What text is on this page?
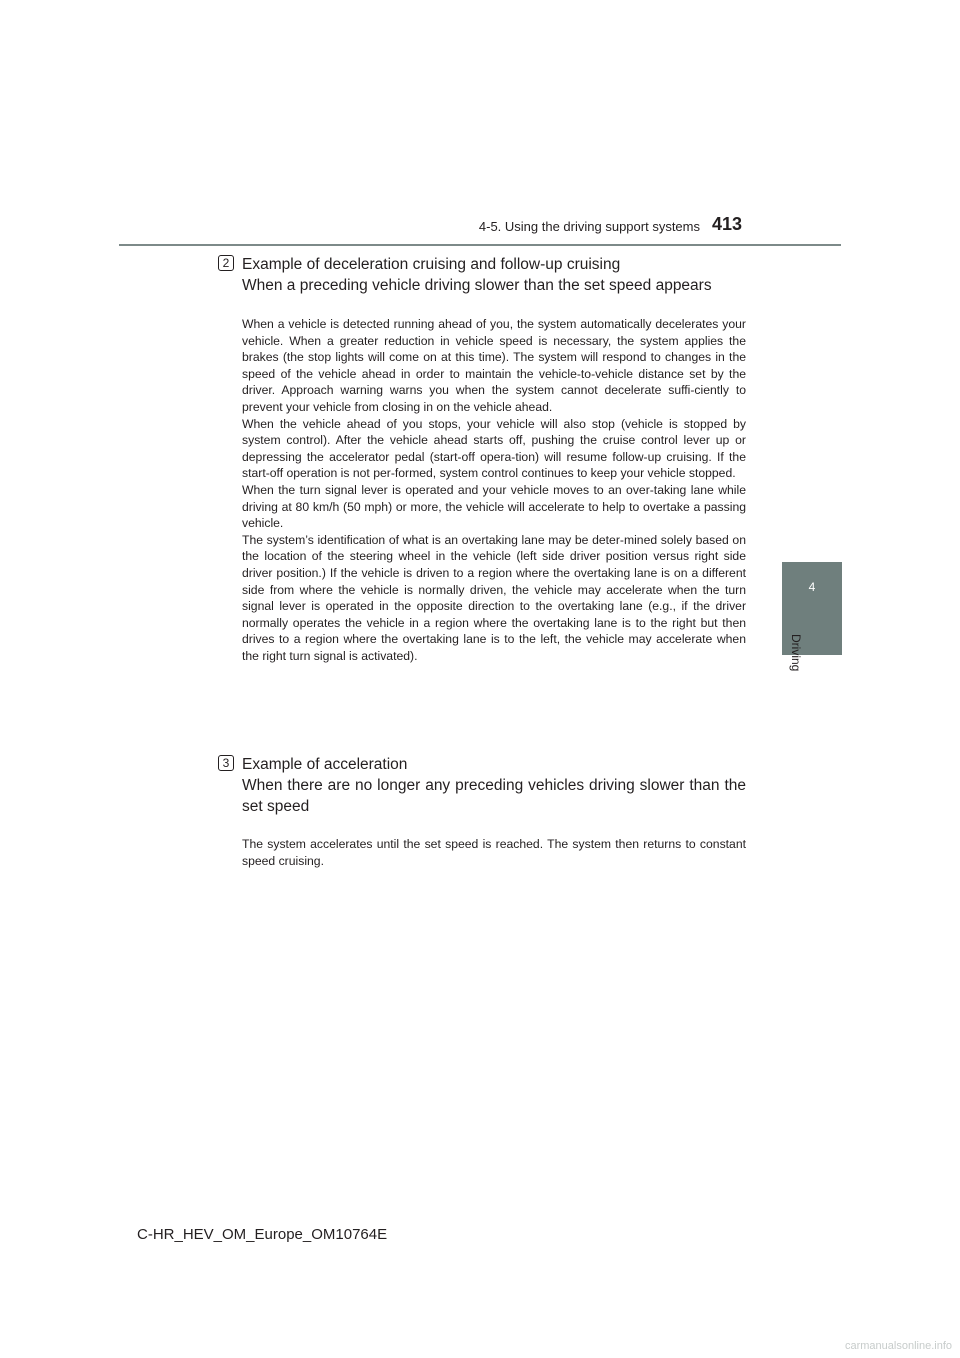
4-5. Using the driving support systems 413
4
Driving
2 Example of deceleration cruising and follow-up cruising
When a preceding vehicle driving slower than the set speed appears

When a vehicle is detected running ahead of you, the system automatically decelerates your vehicle. When a greater reduction in vehicle speed is necessary, the system applies the brakes (the stop lights will come on at this time). The system will respond to changes in the speed of the vehicle ahead in order to maintain the vehicle-to-vehicle distance set by the driver. Approach warning warns you when the system cannot decelerate suffi-ciently to prevent your vehicle from closing in on the vehicle ahead.

When the vehicle ahead of you stops, your vehicle will also stop (vehicle is stopped by system control). After the vehicle ahead starts off, pushing the cruise control lever up or depressing the accelerator pedal (start-off opera-tion) will resume follow-up cruising. If the start-off operation is not per-formed, system control continues to keep your vehicle stopped.

When the turn signal lever is operated and your vehicle moves to an over-taking lane while driving at 80 km/h (50 mph) or more, the vehicle will accelerate to help to overtake a passing vehicle.

The system’s identification of what is an overtaking lane may be deter-mined solely based on the location of the steering wheel in the vehicle (left side driver position versus right side driver position.) If the vehicle is driven to a region where the overtaking lane is on a different side from where the vehicle is normally driven, the vehicle may accelerate when the turn signal lever is operated in the opposite direction to the overtaking lane (e.g., if the driver normally operates the vehicle in a region where the overtaking lane is to the right but then drives to a region where the overtaking lane is to the left, the vehicle may accelerate when the right turn signal is activated).

3 Example of acceleration
When there are no longer any preceding vehicles driving slower than the set speed

The system accelerates until the set speed is reached. The system then returns to constant speed cruising.

C-HR_HEV_OM_Europe_OM10764E
carmanualsonline.info
